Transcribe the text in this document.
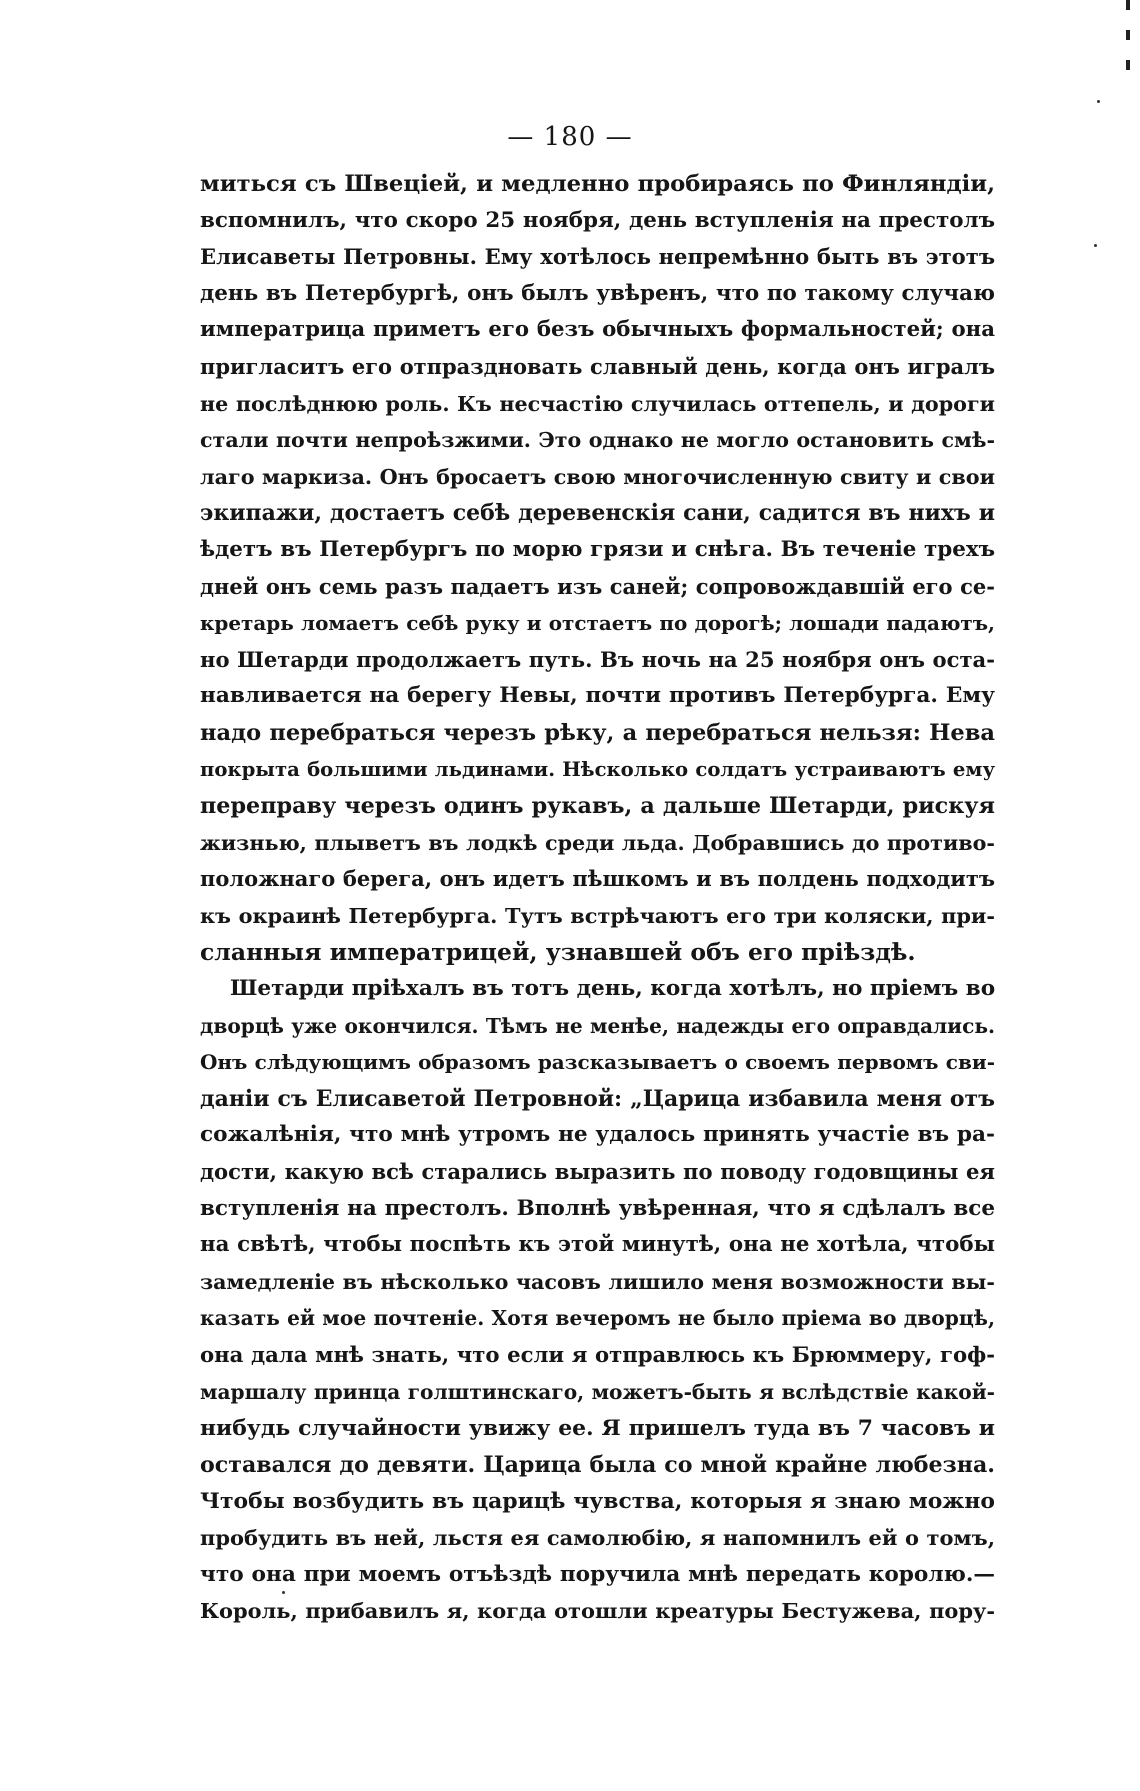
— 180 —
миться съ Швеціей, и медленно пробираясь по Финляндіи,
вспомнилъ, что скоро 25 ноября, день вступленія на престолъ
Елисаветы Петровны. Ему хотѣлось непремѣнно быть въ этотъ
день въ Петербургѣ, онъ былъ увѣренъ, что по такому случаю
императрица приметъ его безъ обычныхъ формальностей; она
пригласитъ его отпраздновать славный день, когда онъ игралъ
не послѣднюю роль. Къ несчастію случилась оттепель, и дороги
стали почти непроѣзжими. Это однако не могло остановить смѣ-
лаго маркиза. Онъ бросаетъ свою многочисленную свиту и свои
экипажи, достаетъ себѣ деревенскія сани, садится въ нихъ и
ѣдетъ въ Петербургъ по морю грязи и снѣга. Въ теченіе трехъ
дней онъ семь разъ падаетъ изъ саней; сопровождавшій его се-
кретарь ломаетъ себѣ руку и отстаетъ по дорогѣ; лошади падаютъ,
но Шетарди продолжаетъ путь. Въ ночь на 25 ноября онъ оста-
навливается на берегу Невы, почти противъ Петербурга. Ему
надо перебраться черезъ рѣку, а перебраться нельзя: Нева
покрыта большими льдинами. Нѣсколько солдатъ устраиваютъ ему
переправу черезъ одинъ рукавъ, а дальше Шетарди, рискуя
жизнью, плыветъ въ лодкѣ среди льда. Добравшись до противо-
положнаго берега, онъ идетъ пѣшкомъ и въ полдень подходитъ
къ окраинѣ Петербурга. Тутъ встрѣчаютъ его три коляски, при-
сланныя императрицей, узнавшей объ его пріѣздѣ.
Шетарди пріѣхалъ въ тотъ день, когда хотѣлъ, но пріемъ во
дворцѣ уже окончился. Тѣмъ не менѣе, надежды его оправдались.
Онъ слѣдующимъ образомъ разсказываетъ о своемъ первомъ сви-
даніи съ Елисаветой Петровной: „Царица избавила меня отъ
сожалѣнія, что мнѣ утромъ не удалось принять участіе въ ра-
дости, какую всѣ старались выразить по поводу годовщины ея
вступленія на престолъ. Вполнѣ увѣренная, что я сдѣлалъ все
на свѣтѣ, чтобы поспѣть къ этой минутѣ, она не хотѣла, чтобы
замедленіе въ нѣсколько часовъ лишило меня возможности вы-
казать ей мое почтеніе. Хотя вечеромъ не было пріема во дворцѣ,
она дала мнѣ знать, что если я отправлюсь къ Брюммеру, гоф-
маршалу принца голштинскаго, можетъ-быть я вслѣдствіе какой-
нибудь случайности увижу ее. Я пришелъ туда въ 7 часовъ и
оставался до девяти. Царица была со мной крайне любезна.
Чтобы возбудить въ царицѣ чувства, которыя я знаю можно
пробудить въ ней, льстя ея самолюбію, я напомнилъ ей о томъ,
что она при моемъ отъѣздѣ поручила мнѣ передать королю.—
Король, прибавилъ я, когда отошли креатуры Бестужева, пору-
